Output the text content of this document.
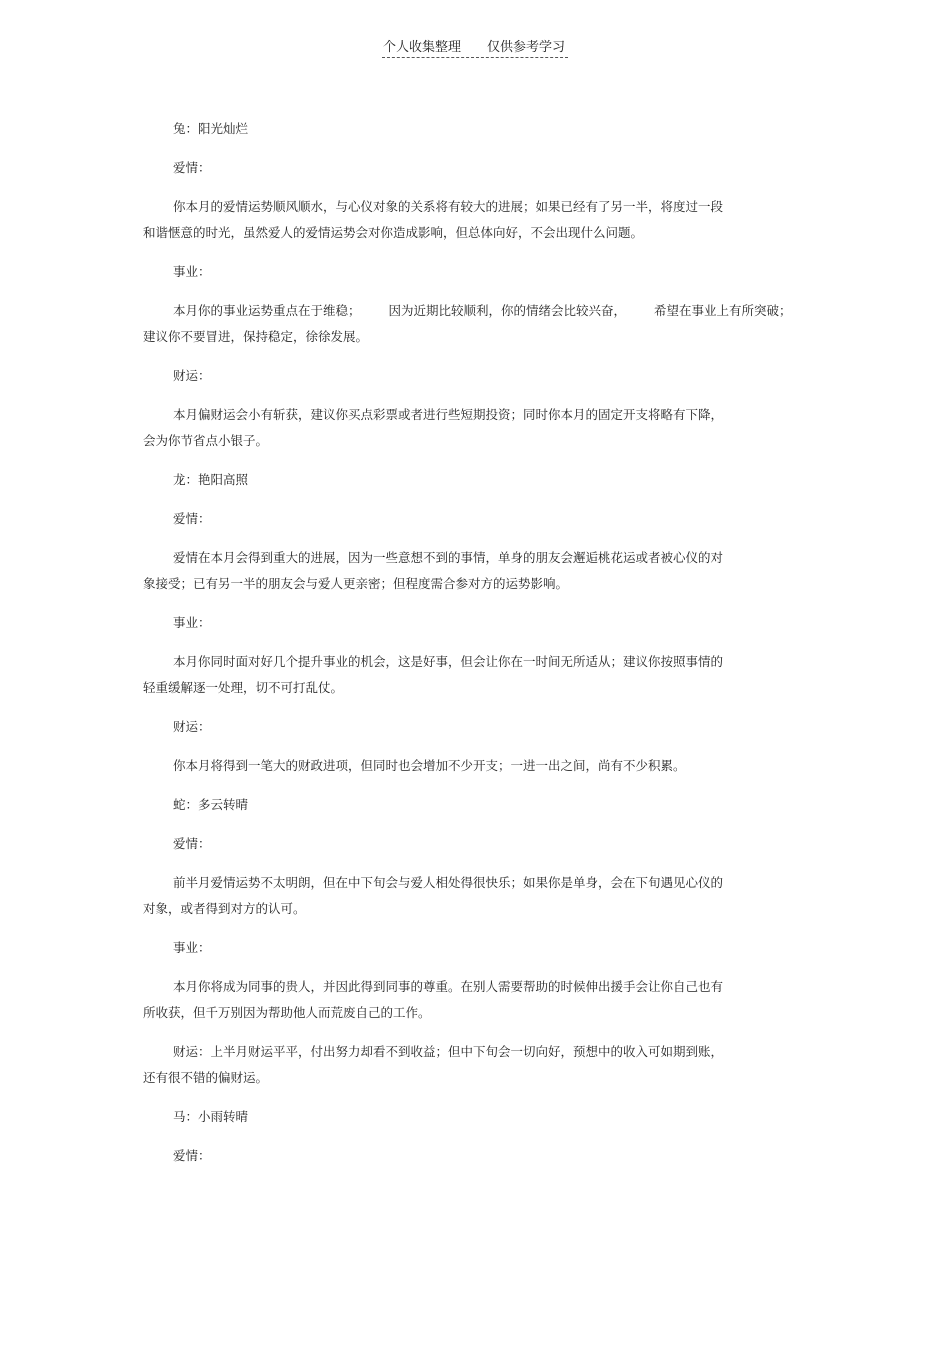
个人收集整理 仅供参考学习
兔：阳光灿烂
爱情：
你本月的爱情运势顺风顺水，与心仪对象的关系将有较大的进展；如果已经有了另一半，将度过一段
和谐惬意的时光，虽然爱人的爱情运势会对你造成影响，但总体向好，不会出现什么问题。
事业：
本月你的事业运势重点在于维稳； 因为近期比较顺利，你的情绪会比较兴奋， 希望在事业上有所突破；
建议你不要冒进，保持稳定，徐徐发展。
财运：
本月偏财运会小有斩获，建议你买点彩票或者进行些短期投资；同时你本月的固定开支将略有下降，
会为你节省点小银子。
龙：艳阳高照
爱情：
爱情在本月会得到重大的进展，因为一些意想不到的事情，单身的朋友会邂逅桃花运或者被心仪的对
象接受；已有另一半的朋友会与爱人更亲密；但程度需合参对方的运势影响。
事业：
本月你同时面对好几个提升事业的机会，这是好事，但会让你在一时间无所适从；建议你按照事情的
轻重缓解逐一处理，切不可打乱仗。
财运：
你本月将得到一笔大的财政进项，但同时也会增加不少开支；一进一出之间，尚有不少积累。
蛇：多云转晴
爱情：
前半月爱情运势不太明朗，但在中下旬会与爱人相处得很快乐；如果你是单身，会在下旬遇见心仪的
对象，或者得到对方的认可。
事业：
本月你将成为同事的贵人，并因此得到同事的尊重。在别人需要帮助的时候伸出援手会让你自己也有
所收获，但千万别因为帮助他人而荒废自己的工作。
财运：上半月财运平平，付出努力却看不到收益；但中下旬会一切向好，预想中的收入可如期到账，
还有很不错的偏财运。
马：小雨转晴
爱情：
